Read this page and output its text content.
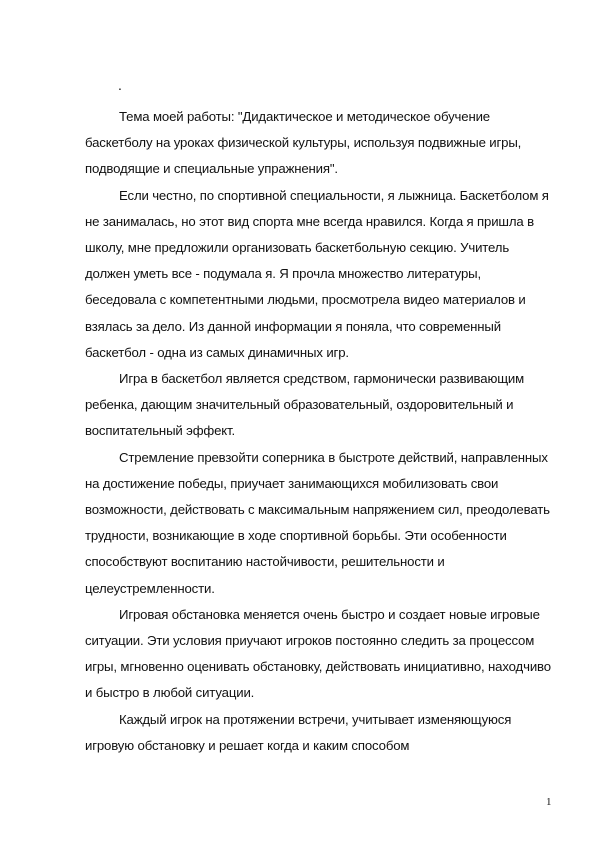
.

Тема моей работы: "Дидактическое и методическое обучение баскетболу на уроках физической культуры, используя подвижные игры, подводящие и специальные упражнения".

Если честно, по спортивной специальности, я лыжница. Баскетболом я не занималась, но этот вид спорта мне всегда нравился. Когда я пришла в школу, мне предложили организовать баскетбольную секцию. Учитель должен уметь все - подумала я. Я прочла множество литературы, беседовала с компетентными людьми, просмотрела видео материалов и взялась за дело. Из данной информации я поняла, что современный баскетбол - одна из самых динамичных игр.

Игра в баскетбол является средством, гармонически развивающим ребенка, дающим значительный образовательный, оздоровительный и воспитательный эффект.

Стремление превзойти соперника в быстроте действий, направленных на достижение победы, приучает занимающихся мобилизовать свои возможности, действовать с максимальным напряжением сил, преодолевать трудности, возникающие в ходе спортивной борьбы. Эти особенности способствуют воспитанию настойчивости, решительности и целеустремленности.

Игровая обстановка меняется очень быстро и создает новые игровые ситуации. Эти условия приучают игроков постоянно следить за процессом игры, мгновенно оценивать обстановку, действовать инициативно, находчиво и быстро в любой ситуации.

Каждый игрок на протяжении встречи, учитывает изменяющуюся игровую обстановку и решает когда и каким способом

1
